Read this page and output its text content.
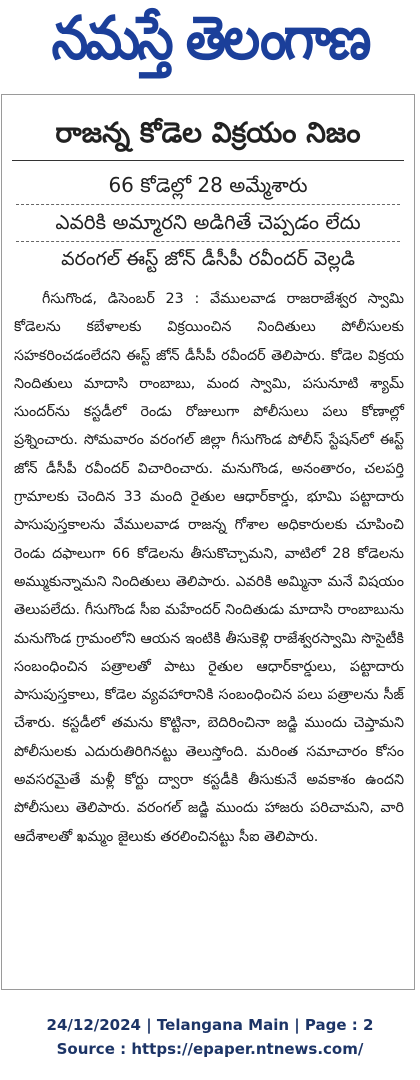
నమస్తే తెలంగాణ
రాజన్న కోడెల విక్రయం నిజం
66 కోడెల్లో 28 అమ్మేశారు
ఎవరికి అమ్మారని అడిగితే చెప్పడం లేదు
వరంగల్‌ ఈస్ట్‌ జోన్‌ డీసీపీ రవీందర్‌ వెల్లడి

గీసుగొండ, డిసెంబర్‌ 23 : వేములవాడ రాజరాజేశ్వర స్వామి కోడెలను కబేళాలకు విక్రయించిన నిందితులు పోలీసులకు సహకరించడంలేదని ఈస్ట్‌ జోన్‌ డీసీపీ రవీందర్‌ తెలిపారు. కోడెల విక్రయ నిందితులు మాదాసి రాంబాబు, మంద స్వామి, పసునూటి శ్యామ్‌ సుందర్‌ను కస్టడీలో రెండు రోజులుగా పోలీసులు పలు కోణాల్లో ప్రశ్నించారు. సోమవారం వరంగల్‌ జిల్లా గీసుగొండ పోలీస్‌ స్టేషన్‌లో ఈస్ట్‌ జోన్‌ డీసీపీ రవీందర్‌ విచారించారు. మనుగొండ, అనంతారం, చలపర్తి గ్రామాలకు చెందిన 33 మంది రైతుల ఆధార్‌కార్డు, భూమి పట్టాదారు పాసుపుస్తకాలను వేములవాడ రాజన్న గోశాల అధికారులకు చూపించి రెండు దఫాలుగా 66 కోడెలను తీసుకొచ్చామని, వాటిలో 28 కోడెలను అమ్ముకున్నామని నిందితులు తెలిపారు. ఎవరికి అమ్మినా మనే విషయం తెలుపలేదు. గీసుగొండ సీఐ మహేందర్‌ నిందితుడు మాదాసి రాంబాబును మనుగొండ గ్రామంలోని ఆయన ఇంటికి తీసుకెళ్లి రాజేశ్వరస్వామి సొసైటీకి సంబంధించిన పత్రాలతో పాటు రైతుల ఆధార్‌కార్డులు, పట్టాదారు పాసుపుస్తకాలు, కోడెల వ్యవహారానికి సంబంధించిన పలు పత్రాలను సీజ్‌ చేశారు. కస్టడీలో తమను కొట్టినా, బెదిరించినా జడ్జి ముందు చెప్తామని పోలీసులకు ఎదురుతిరిగినట్టు తెలుస్తోంది. మరింత సమాచారం కోసం అవసరమైతే మళ్లీ కోర్టు ద్వారా కస్టడీకి తీసుకునే అవకాశం ఉందని పోలీసులు తెలిపారు. వరంగల్‌ జడ్జి ముందు హాజరు పరిచామని, వారి ఆదేశాలతో ఖమ్మం జైలుకు తరలించినట్టు సీఐ తెలిపారు.

24/12/2024 | Telangana Main | Page : 2
Source : https://epaper.ntnews.com/
